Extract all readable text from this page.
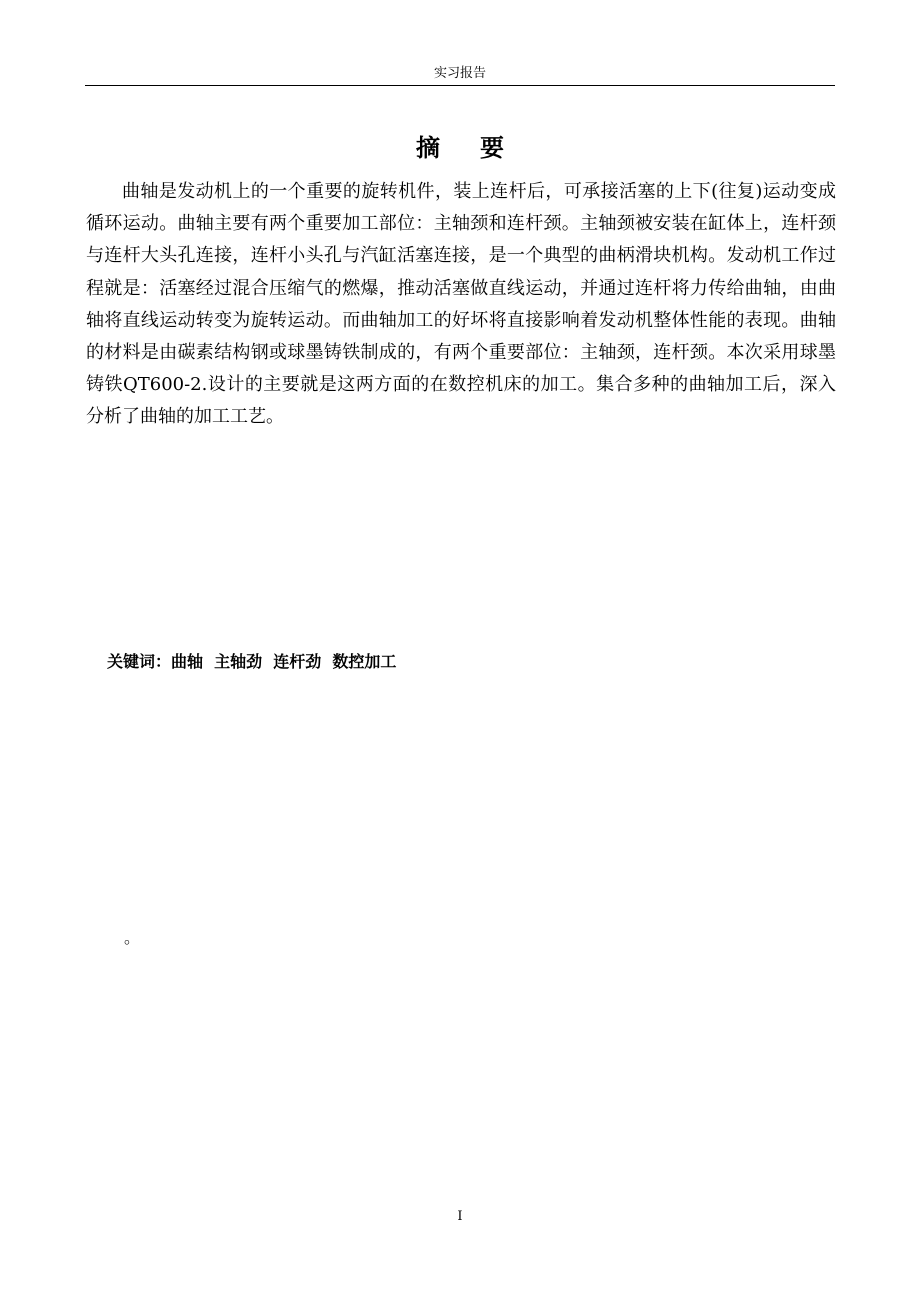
实习报告
摘要

曲轴是发动机上的一个重要的旋转机件，装上连杆后，可承接活塞的上下(往复)运动变成循环运动。曲轴主要有两个重要加工部位：主轴颈和连杆颈。主轴颈被安装在缸体上，连杆颈与连杆大头孔连接，连杆小头孔与汽缸活塞连接，是一个典型的曲柄滑块机构。发动机工作过程就是：活塞经过混合压缩气的燃爆，推动活塞做直线运动，并通过连杆将力传给曲轴，由曲轴将直线运动转变为旋转运动。而曲轴加工的好坏将直接影响着发动机整体性能的表现。曲轴的材料是由碳素结构钢或球墨铸铁制成的，有两个重要部位：主轴颈，连杆颈。本次采用球墨铸铁QT600-2.设计的主要就是这两方面的在数控机床的加工。集合多种的曲轴加工后，深入分析了曲轴的加工工艺。

关键词：曲轴  主轴劲  连杆劲  数控加工
。
I
